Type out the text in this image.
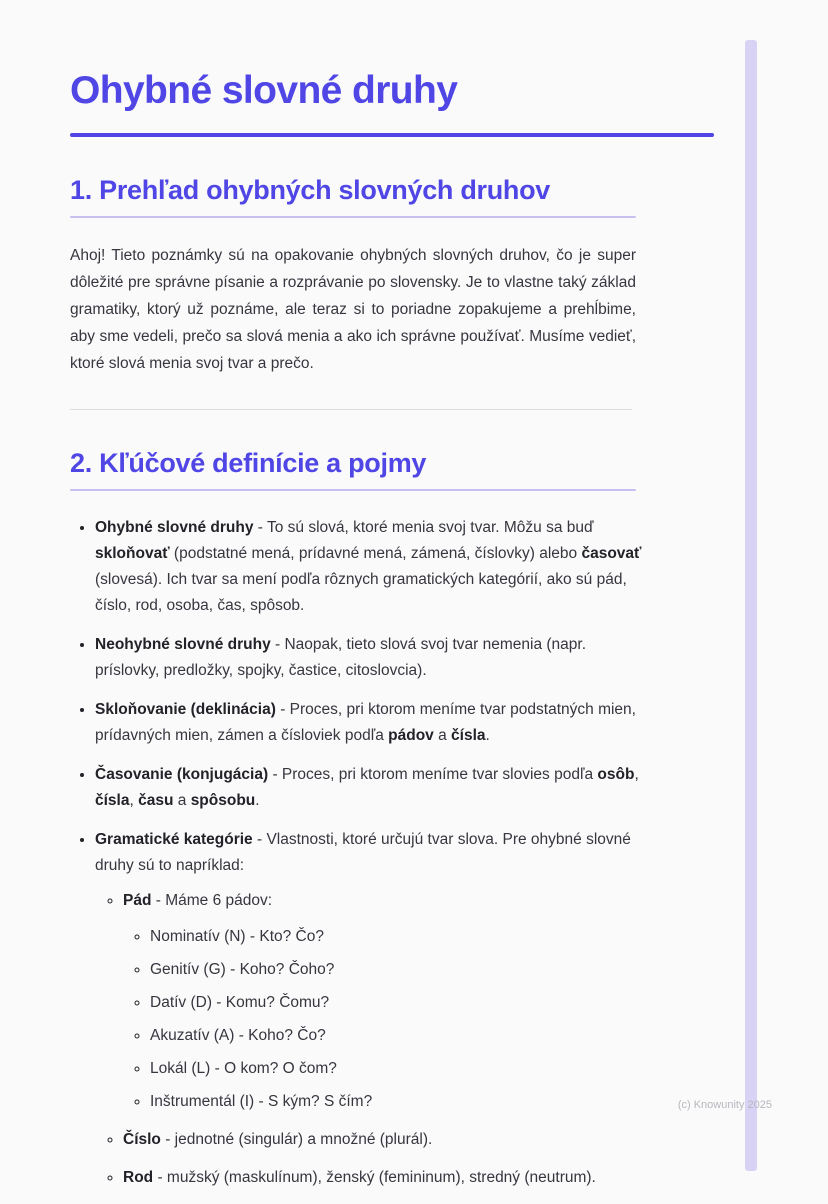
Ohybné slovné druhy
1. Prehľad ohybných slovných druhov

Ahoj! Tieto poznámky sú na opakovanie ohybných slovných druhov, čo je super dôležité pre správne písanie a rozprávanie po slovensky. Je to vlastne taký základ gramatiky, ktorý už poznáme, ale teraz si to poriadne zopakujeme a prehĺbime, aby sme vedeli, prečo sa slová menia a ako ich správne používať. Musíme vedieť, ktoré slová menia svoj tvar a prečo.

2. Kľúčové definície a pojmy
• Ohybné slovné druhy - To sú slová, ktoré menia svoj tvar. Môžu sa buď skloňovať (podstatné mená, prídavné mená, zámená, číslovky) alebo časovať (slovesá). Ich tvar sa mení podľa rôznych gramatických kategórií, ako sú pád, číslo, rod, osoba, čas, spôsob.
• Neohybné slovné druhy - Naopak, tieto slová svoj tvar nemenia (napr. príslovky, predložky, spojky, častice, citoslovcia).
• Skloňovanie (deklinácia) - Proces, pri ktorom meníme tvar podstatných mien, prídavných mien, zámen a čísloviek podľa pádov a čísla.
• Časovanie (konjugácia) - Proces, pri ktorom meníme tvar slovies podľa osôb, čísla, času a spôsobu.
• Gramatické kategórie - Vlastnosti, ktoré určujú tvar slova. Pre ohybné slovné druhy sú to napríklad:
◦ Pád - Máme 6 pádov:
◦ Nominatív (N) - Kto? Čo?
◦ Genitív (G) - Koho? Čoho?
◦ Datív (D) - Komu? Čomu?
◦ Akuzatív (A) - Koho? Čo?
◦ Lokál (L) - O kom? O čom?
◦ Inštrumentál (I) - S kým? S čím?
◦ Číslo - jednotné (singulár) a množné (plurál).
◦ Rod - mužský (maskulínum), ženský (femininum), stredný (neutrum).
(c) Knowunity 2025
